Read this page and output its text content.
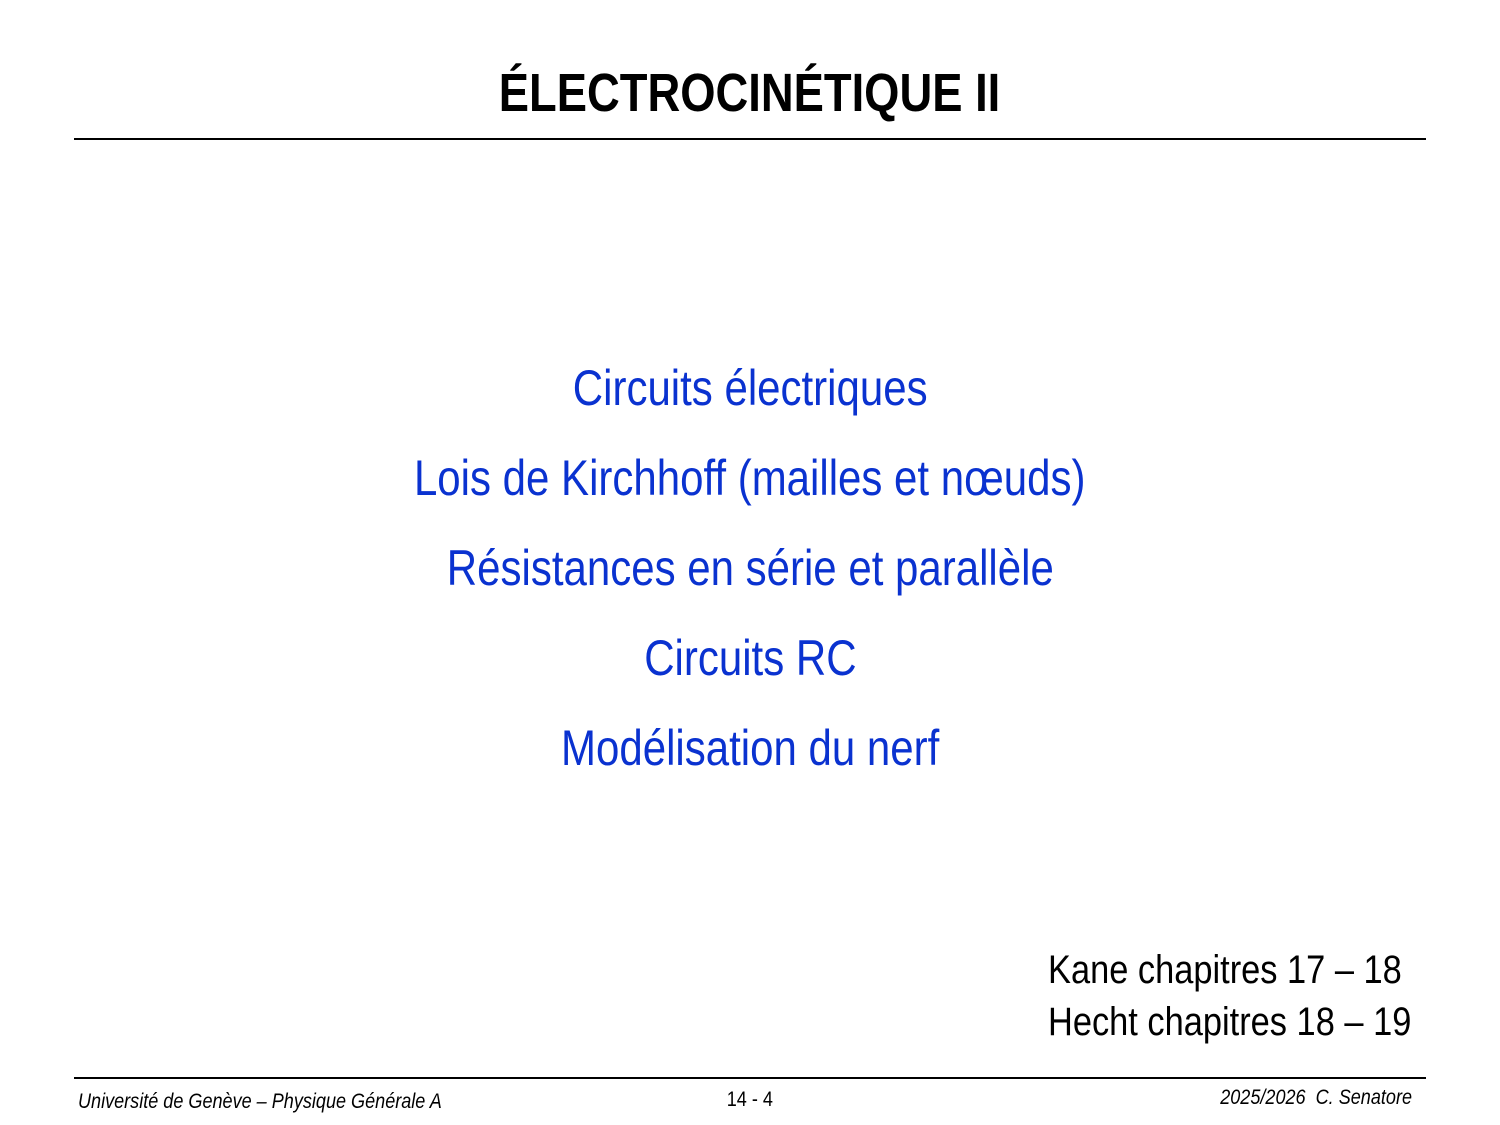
ÉLECTROCINÉTIQUE II
Circuits électriques
Lois de Kirchhoff (mailles et nœuds)
Résistances en série et parallèle
Circuits RC
Modélisation du nerf
Kane chapitres 17 – 18
Hecht chapitres 18 – 19
Université de Genève – Physique Générale A	14 - 4	2025/2026  C. Senatore
